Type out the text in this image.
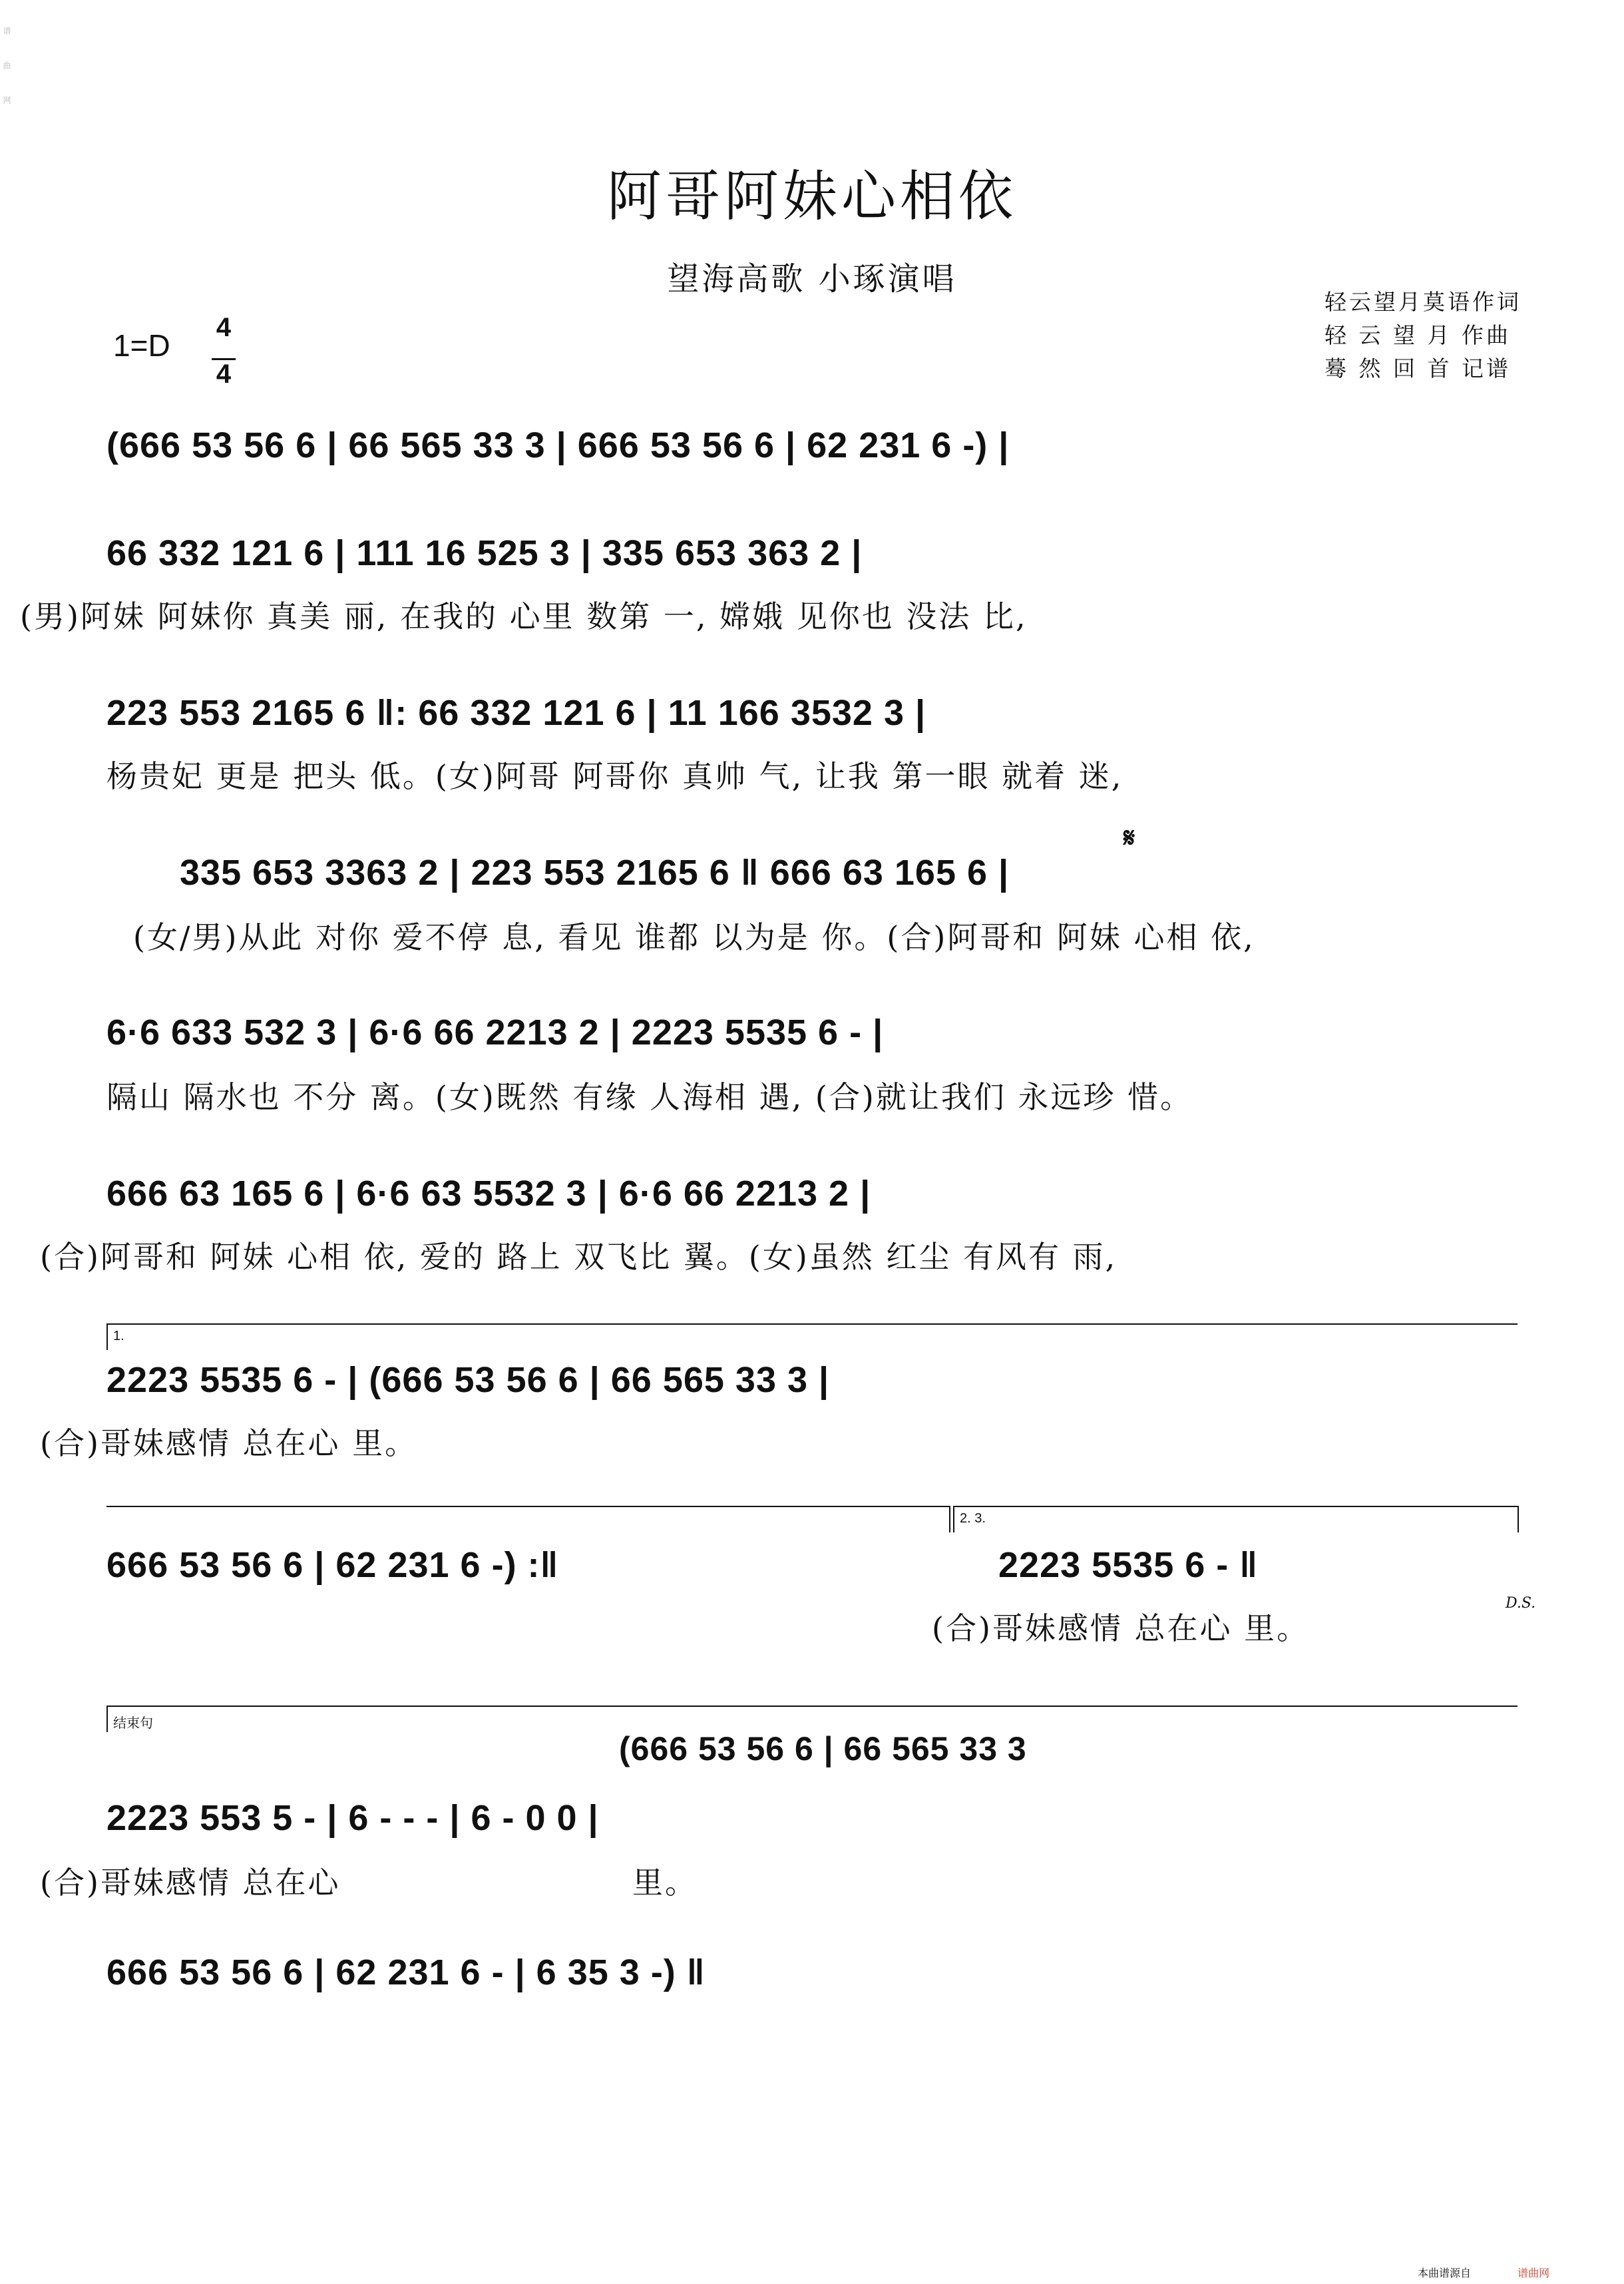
谱曲网
阿哥阿妹心相依
望海高歌 小琢演唱
轻云望月莫语作词
轻 云 望 月 作曲
蓦 然 回 首 记谱
1=D
4
4
(666 53 56 6 | 66 565 33 3 | 666 53 56 6 | 62 231 6 -) |
66 332 121 6 | 111 16 525 3 | 335 653 363 2 |
(男)阿妹 阿妹你 真美 丽, 在我的 心里 数第 一, 嫦娥 见你也 没法 比,
223 553 2165 6 ‖: 66 332 121 6 | 11 166 3532 3 |
杨贵妃 更是 把头 低。(女)阿哥 阿哥你 真帅 气, 让我 第一眼 就着 迷,
𝄋
335 653 3363 2 | 223 553 2165 6 ‖ 666 63 165 6 |
(女/男)从此 对你 爱不停 息, 看见 谁都 以为是 你。(合)阿哥和 阿妹 心相 依,
6·6 633 532 3 | 6·6 66 2213 2 | 2223 5535 6 - |
隔山 隔水也 不分 离。(女)既然 有缘 人海相 遇, (合)就让我们 永远珍 惜。
666 63 165 6 | 6·6 63 5532 3 | 6·6 66 2213 2 |
(合)阿哥和 阿妹 心相 依, 爱的 路上 双飞比 翼。(女)虽然 红尘 有风有 雨,
1.
2223 5535 6 - | (666 53 56 6 | 66 565 33 3 |
(合)哥妹感情 总在心 里。
2. 3.
666 53 56 6 | 62 231 6 -) :‖	2223 5535 6 - ‖
D.S.
(合)哥妹感情 总在心 里。
结束句
(666 53 56 6 | 66 565 33 3
2223 553 5 - | 6 - - - | 6 - 0 0 |
(合)哥妹感情 总在心	里。
666 53 56 6 | 62 231 6 - | 6 35 3 -) ‖
本曲谱源自	谱曲网
